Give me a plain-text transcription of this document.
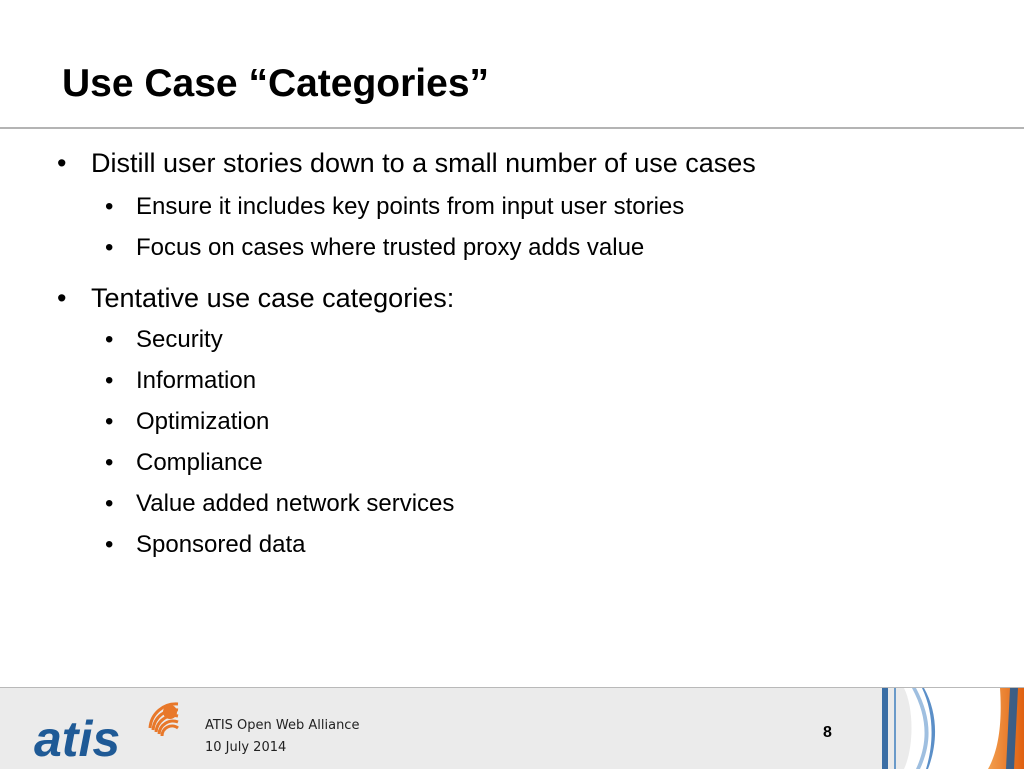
Use Case “Categories”
• Distill user stories down to a small number of use cases
• Ensure it includes key points from input user stories
• Focus on cases where trusted proxy adds value
• Tentative use case categories:
• Security
• Information
• Optimization
• Compliance
• Value added network services
• Sponsored data
atis	ATIS Open Web Alliance
10 July 2014
8
